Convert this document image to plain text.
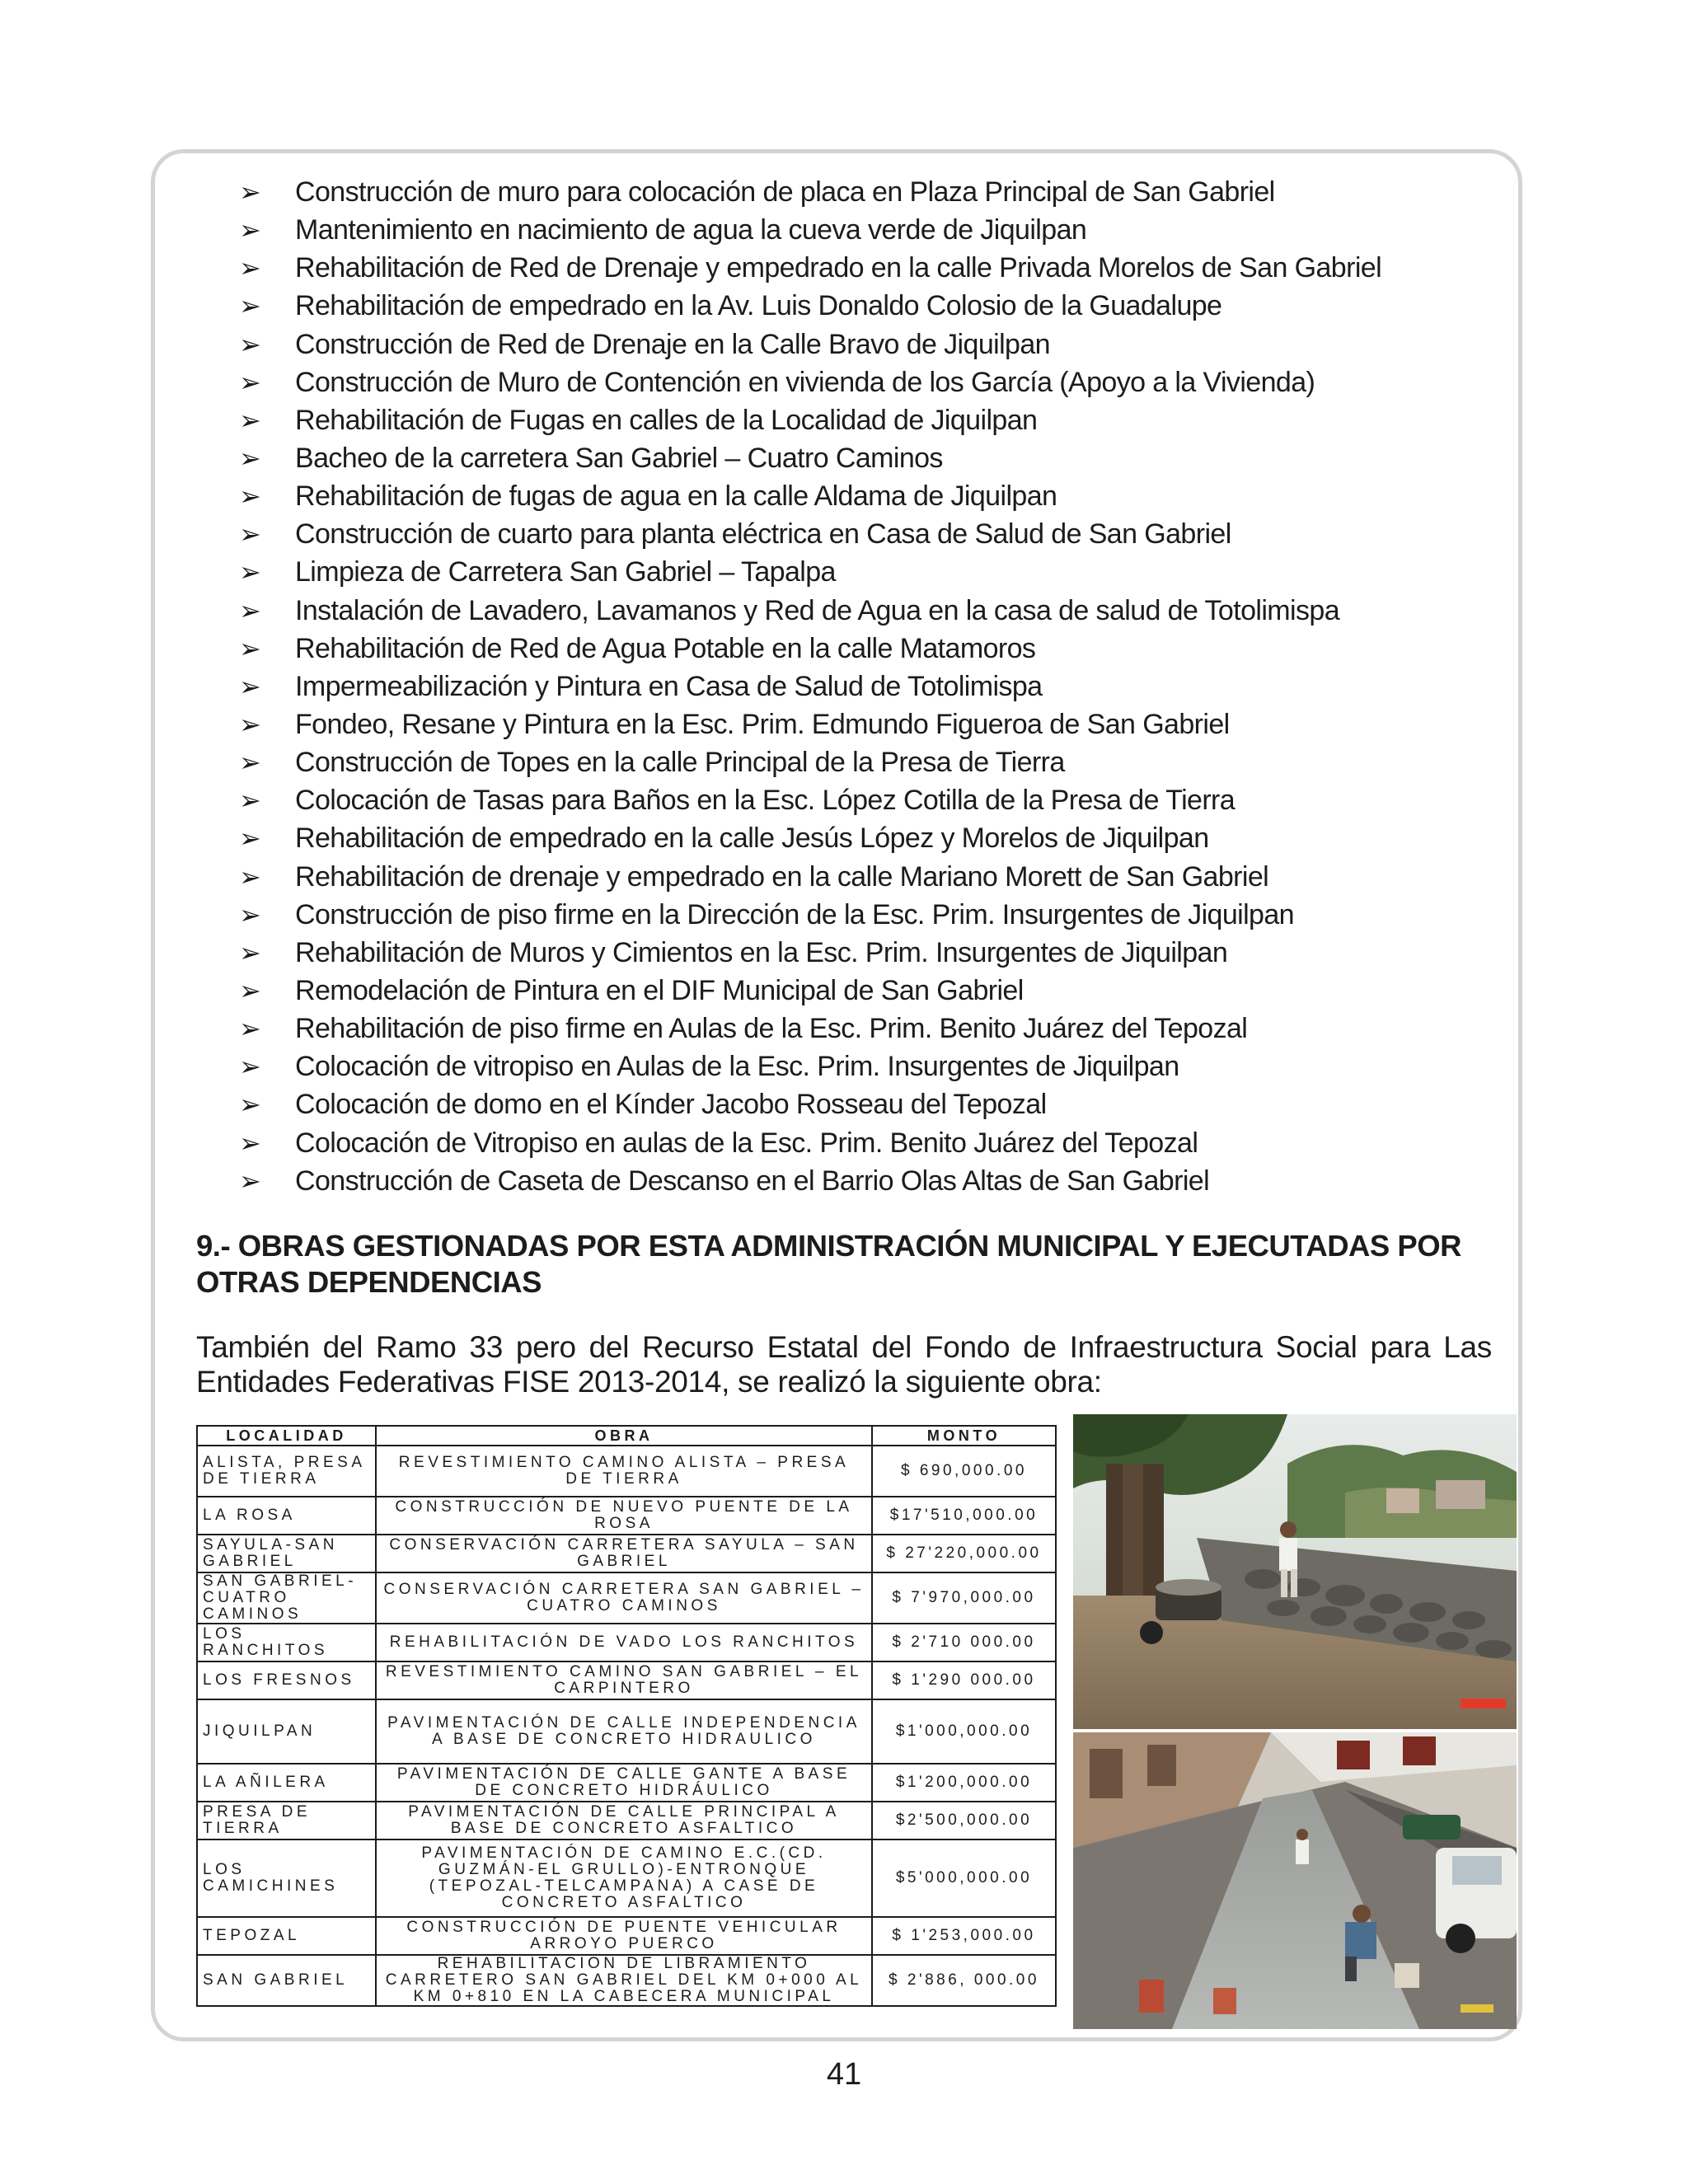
➢ Construcción de muro para colocación de placa en Plaza Principal de San Gabriel
➢ Mantenimiento en nacimiento de agua la cueva verde de Jiquilpan
➢ Rehabilitación de Red de Drenaje y empedrado en la calle Privada Morelos de San Gabriel
➢ Rehabilitación de empedrado en la Av. Luis Donaldo Colosio de la Guadalupe
➢ Construcción de Red de Drenaje en la Calle Bravo de Jiquilpan
➢ Construcción de Muro de Contención en vivienda de los García (Apoyo a la Vivienda)
➢ Rehabilitación de Fugas en calles de la Localidad de Jiquilpan
➢ Bacheo de la carretera San Gabriel – Cuatro Caminos
➢ Rehabilitación de fugas de agua en la calle Aldama de Jiquilpan
➢ Construcción de cuarto para planta eléctrica en Casa de Salud de San Gabriel
➢ Limpieza de Carretera San Gabriel – Tapalpa
➢ Instalación de Lavadero, Lavamanos y Red de Agua en la casa de salud de Totolimispa
➢ Rehabilitación de Red de Agua Potable en la calle Matamoros
➢ Impermeabilización y Pintura en Casa de Salud de Totolimispa
➢ Fondeo, Resane y Pintura en la Esc. Prim. Edmundo Figueroa de San Gabriel
➢ Construcción de Topes en la calle Principal de la Presa de Tierra
➢ Colocación de Tasas para Baños en la Esc. López Cotilla de la Presa de Tierra
➢ Rehabilitación de empedrado en la calle Jesús López y Morelos de Jiquilpan
➢ Rehabilitación de drenaje y empedrado en la calle Mariano Morett de San Gabriel
➢ Construcción de piso firme en la Dirección de la Esc. Prim. Insurgentes de Jiquilpan
➢ Rehabilitación de Muros y Cimientos en la Esc. Prim. Insurgentes de Jiquilpan
➢ Remodelación de Pintura en el DIF Municipal de San Gabriel
➢ Rehabilitación de piso firme en Aulas de la Esc. Prim. Benito Juárez del Tepozal
➢ Colocación de vitropiso en Aulas de la Esc. Prim. Insurgentes de Jiquilpan
➢ Colocación de domo en el Kínder Jacobo Rosseau del Tepozal
➢ Colocación de Vitropiso en aulas de la Esc. Prim. Benito Juárez del Tepozal
➢ Construcción de Caseta de Descanso en el Barrio Olas Altas de San Gabriel
9.- OBRAS GESTIONADAS POR ESTA ADMINISTRACIÓN MUNICIPAL Y EJECUTADAS POR OTRAS DEPENDENCIAS

También del Ramo 33 pero del Recurso Estatal del Fondo de Infraestructura Social para Las Entidades Federativas FISE 2013-2014, se realizó la siguiente obra:

LOCALIDAD	OBRA	MONTO
ALISTA, PRESA DE TIERRA	REVESTIMIENTO CAMINO ALISTA – PRESA DE TIERRA	$ 690,000.00
LA ROSA	CONSTRUCCIÓN DE NUEVO PUENTE DE LA ROSA	$17'510,000.00
SAYULA-SAN GABRIEL	CONSERVACIÓN CARRETERA SAYULA – SAN GABRIEL	$ 27'220,000.00
SAN GABRIEL-CUATRO CAMINOS	CONSERVACIÓN CARRETERA SAN GABRIEL – CUATRO CAMINOS	$ 7'970,000.00
LOS RANCHITOS	REHABILITACIÓN DE VADO LOS RANCHITOS	$ 2'710 000.00
LOS FRESNOS	REVESTIMIENTO CAMINO SAN GABRIEL – EL CARPINTERO	$ 1'290 000.00
JIQUILPAN	PAVIMENTACIÓN DE CALLE INDEPENDENCIA A BASE DE CONCRETO HIDRAULICO	$1'000,000.00
LA AÑILERA	PAVIMENTACIÓN DE CALLE GANTE A BASE DE CONCRETO HIDRÁULICO	$1'200,000.00
PRESA DE TIERRA	PAVIMENTACIÓN DE CALLE PRINCIPAL A BASE DE CONCRETO ASFALTICO	$2'500,000.00
LOS CAMICHINES	PAVIMENTACIÓN DE CAMINO E.C.(CD. GUZMÁN-EL GRULLO)-ENTRONQUE (TEPOZAL-TELCAMPANA) A CASE DE CONCRETO ASFALTICO	$5'000,000.00
TEPOZAL	CONSTRUCCIÓN DE PUENTE VEHICULAR ARROYO PUERCO	$ 1'253,000.00
SAN GABRIEL	REHABILITACION DE LIBRAMIENTO CARRETERO SAN GABRIEL DEL KM 0+000 AL KM 0+810 EN LA CABECERA MUNICIPAL	$ 2'886, 000.00
41
